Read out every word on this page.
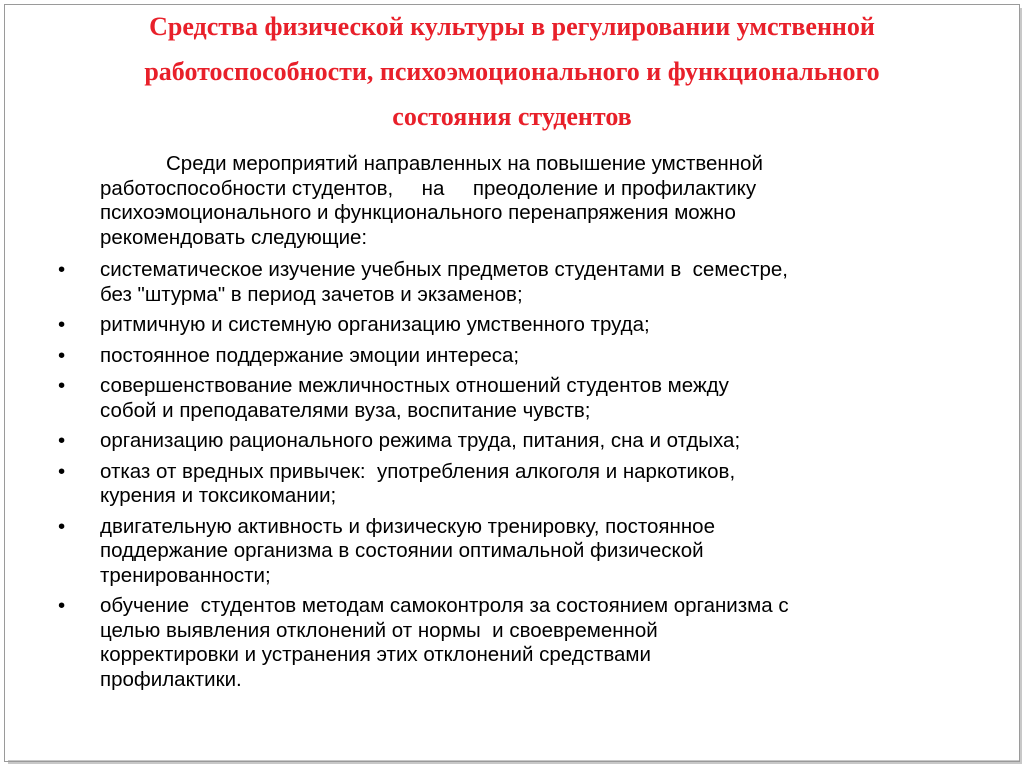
Средства физической культуры в регулировании умственной
работоспособности, психоэмоционального и функционального
состояния студентов
Среди мероприятий направленных на повышение умственной
работоспособности студентов,     на     преодоление и профилактику
психоэмоционального и функционального перенапряжения можно
рекомендовать следующие:
•	систематическое изучение учебных предметов студентами в  семестре,
без "штурма" в период зачетов и экзаменов;
•	ритмичную и системную организацию умственного труда;
•	постоянное поддержание эмоции интереса;
•	совершенствование межличностных отношений студентов между
собой и преподавателями вуза, воспитание чувств;
•	организацию рационального режима труда, питания, сна и отдыха;
•	отказ от вредных привычек:  употребления алкоголя и наркотиков,
курения и токсикомании;
•	двигательную активность и физическую тренировку, постоянное
поддержание организма в состоянии оптимальной физической
тренированности;
•	обучение  студентов методам самоконтроля за состоянием организма с
целью выявления отклонений от нормы  и своевременной
корректировки и устранения этих отклонений средствами
профилактики.
